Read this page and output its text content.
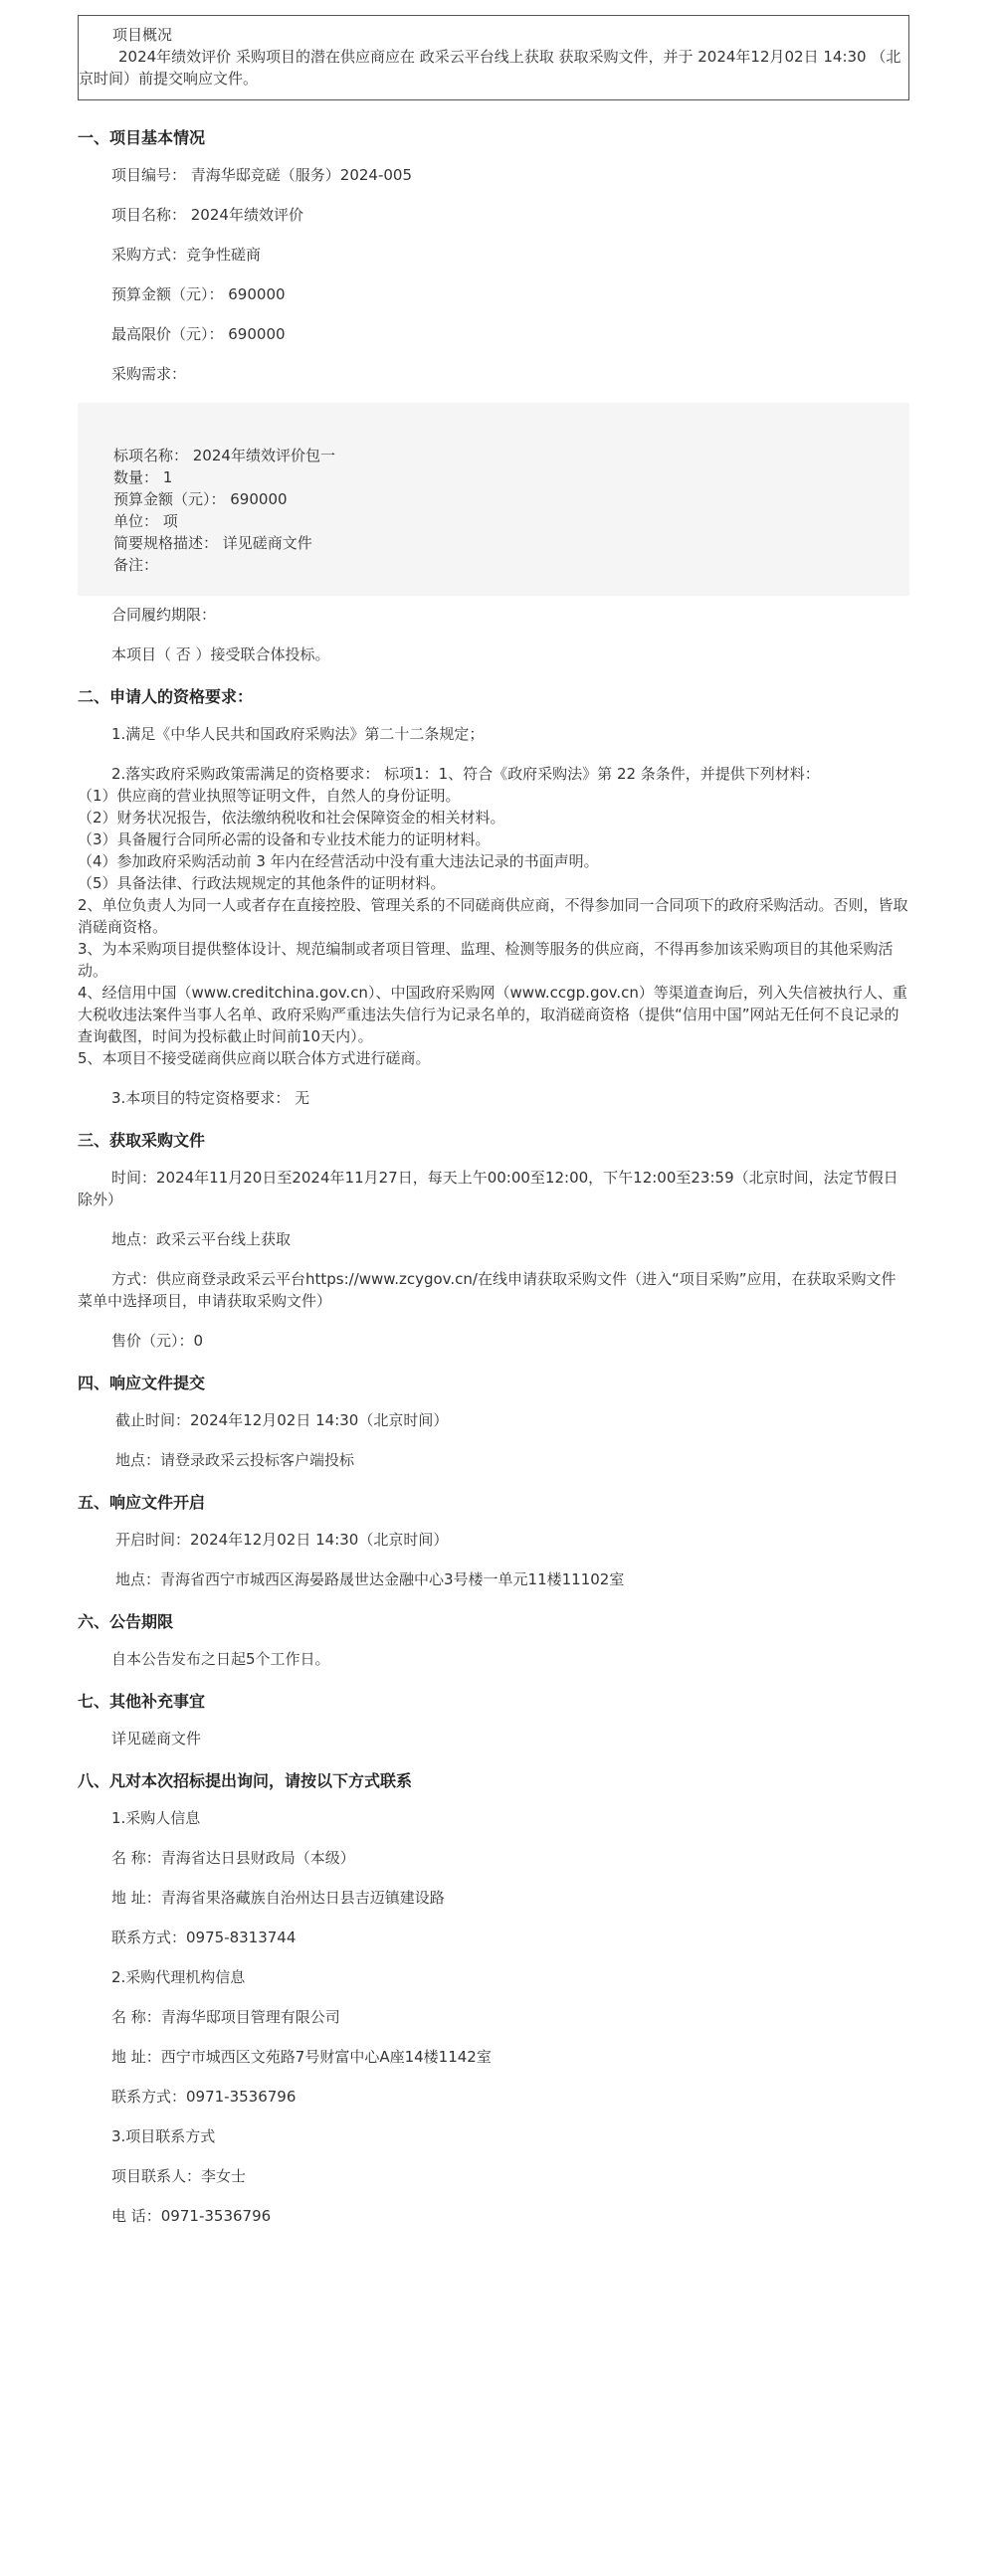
项目概况
2024年绩效评价 采购项目的潜在供应商应在 政采云平台线上获取 获取采购文件，并于 2024年12月02日 14:30 （北京时间）前提交响应文件。
一、项目基本情况
项目编号： 青海华邸竞磋（服务）2024-005
项目名称： 2024年绩效评价
采购方式：竞争性磋商
预算金额（元）： 690000
最高限价（元）： 690000
采购需求：
标项名称： 2024年绩效评价包一
数量： 1
预算金额（元）： 690000
单位： 项
简要规格描述： 详见磋商文件
备注：
合同履约期限：
本项目（ 否 ）接受联合体投标。
二、申请人的资格要求：
1.满足《中华人民共和国政府采购法》第二十二条规定；
2.落实政府采购政策需满足的资格要求： 标项1：1、符合《政府采购法》第 22 条条件，并提供下列材料：
（1）供应商的营业执照等证明文件，自然人的身份证明。
（2）财务状况报告，依法缴纳税收和社会保障资金的相关材料。
（3）具备履行合同所必需的设备和专业技术能力的证明材料。
（4）参加政府采购活动前 3 年内在经营活动中没有重大违法记录的书面声明。
（5）具备法律、行政法规规定的其他条件的证明材料。
2、单位负责人为同一人或者存在直接控股、管理关系的不同磋商供应商，不得参加同一合同项下的政府采购活动。否则，皆取消磋商资格。
3、为本采购项目提供整体设计、规范编制或者项目管理、监理、检测等服务的供应商，不得再参加该采购项目的其他采购活动。
4、经信用中国（www.creditchina.gov.cn）、中国政府采购网（www.ccgp.gov.cn）等渠道查询后，列入失信被执行人、重大税收违法案件当事人名单、政府采购严重违法失信行为记录名单的，取消磋商资格（提供“信用中国”网站无任何不良记录的查询截图，时间为投标截止时间前10天内）。
5、本项目不接受磋商供应商以联合体方式进行磋商。
3.本项目的特定资格要求： 无
三、获取采购文件
时间：2024年11月20日至2024年11月27日，每天上午00:00至12:00，下午12:00至23:59（北京时间，法定节假日除外）
地点：政采云平台线上获取
方式：供应商登录政采云平台https://www.zcygov.cn/在线申请获取采购文件（进入“项目采购”应用，在获取采购文件菜单中选择项目，申请获取采购文件）
售价（元）：0
四、响应文件提交
截止时间：2024年12月02日 14:30（北京时间）
地点：请登录政采云投标客户端投标
五、响应文件开启
开启时间：2024年12月02日 14:30（北京时间）
地点：青海省西宁市城西区海晏路晟世达金融中心3号楼一单元11楼11102室
六、公告期限
自本公告发布之日起5个工作日。
七、其他补充事宜
详见磋商文件
八、凡对本次招标提出询问，请按以下方式联系
1.采购人信息
名 称：青海省达日县财政局（本级）
地 址：青海省果洛藏族自治州达日县吉迈镇建设路
联系方式：0975-8313744
2.采购代理机构信息
名 称：青海华邸项目管理有限公司
地 址：西宁市城西区文苑路7号财富中心A座14楼1142室
联系方式：0971-3536796
3.项目联系方式
项目联系人：李女士
电 话：0971-3536796
